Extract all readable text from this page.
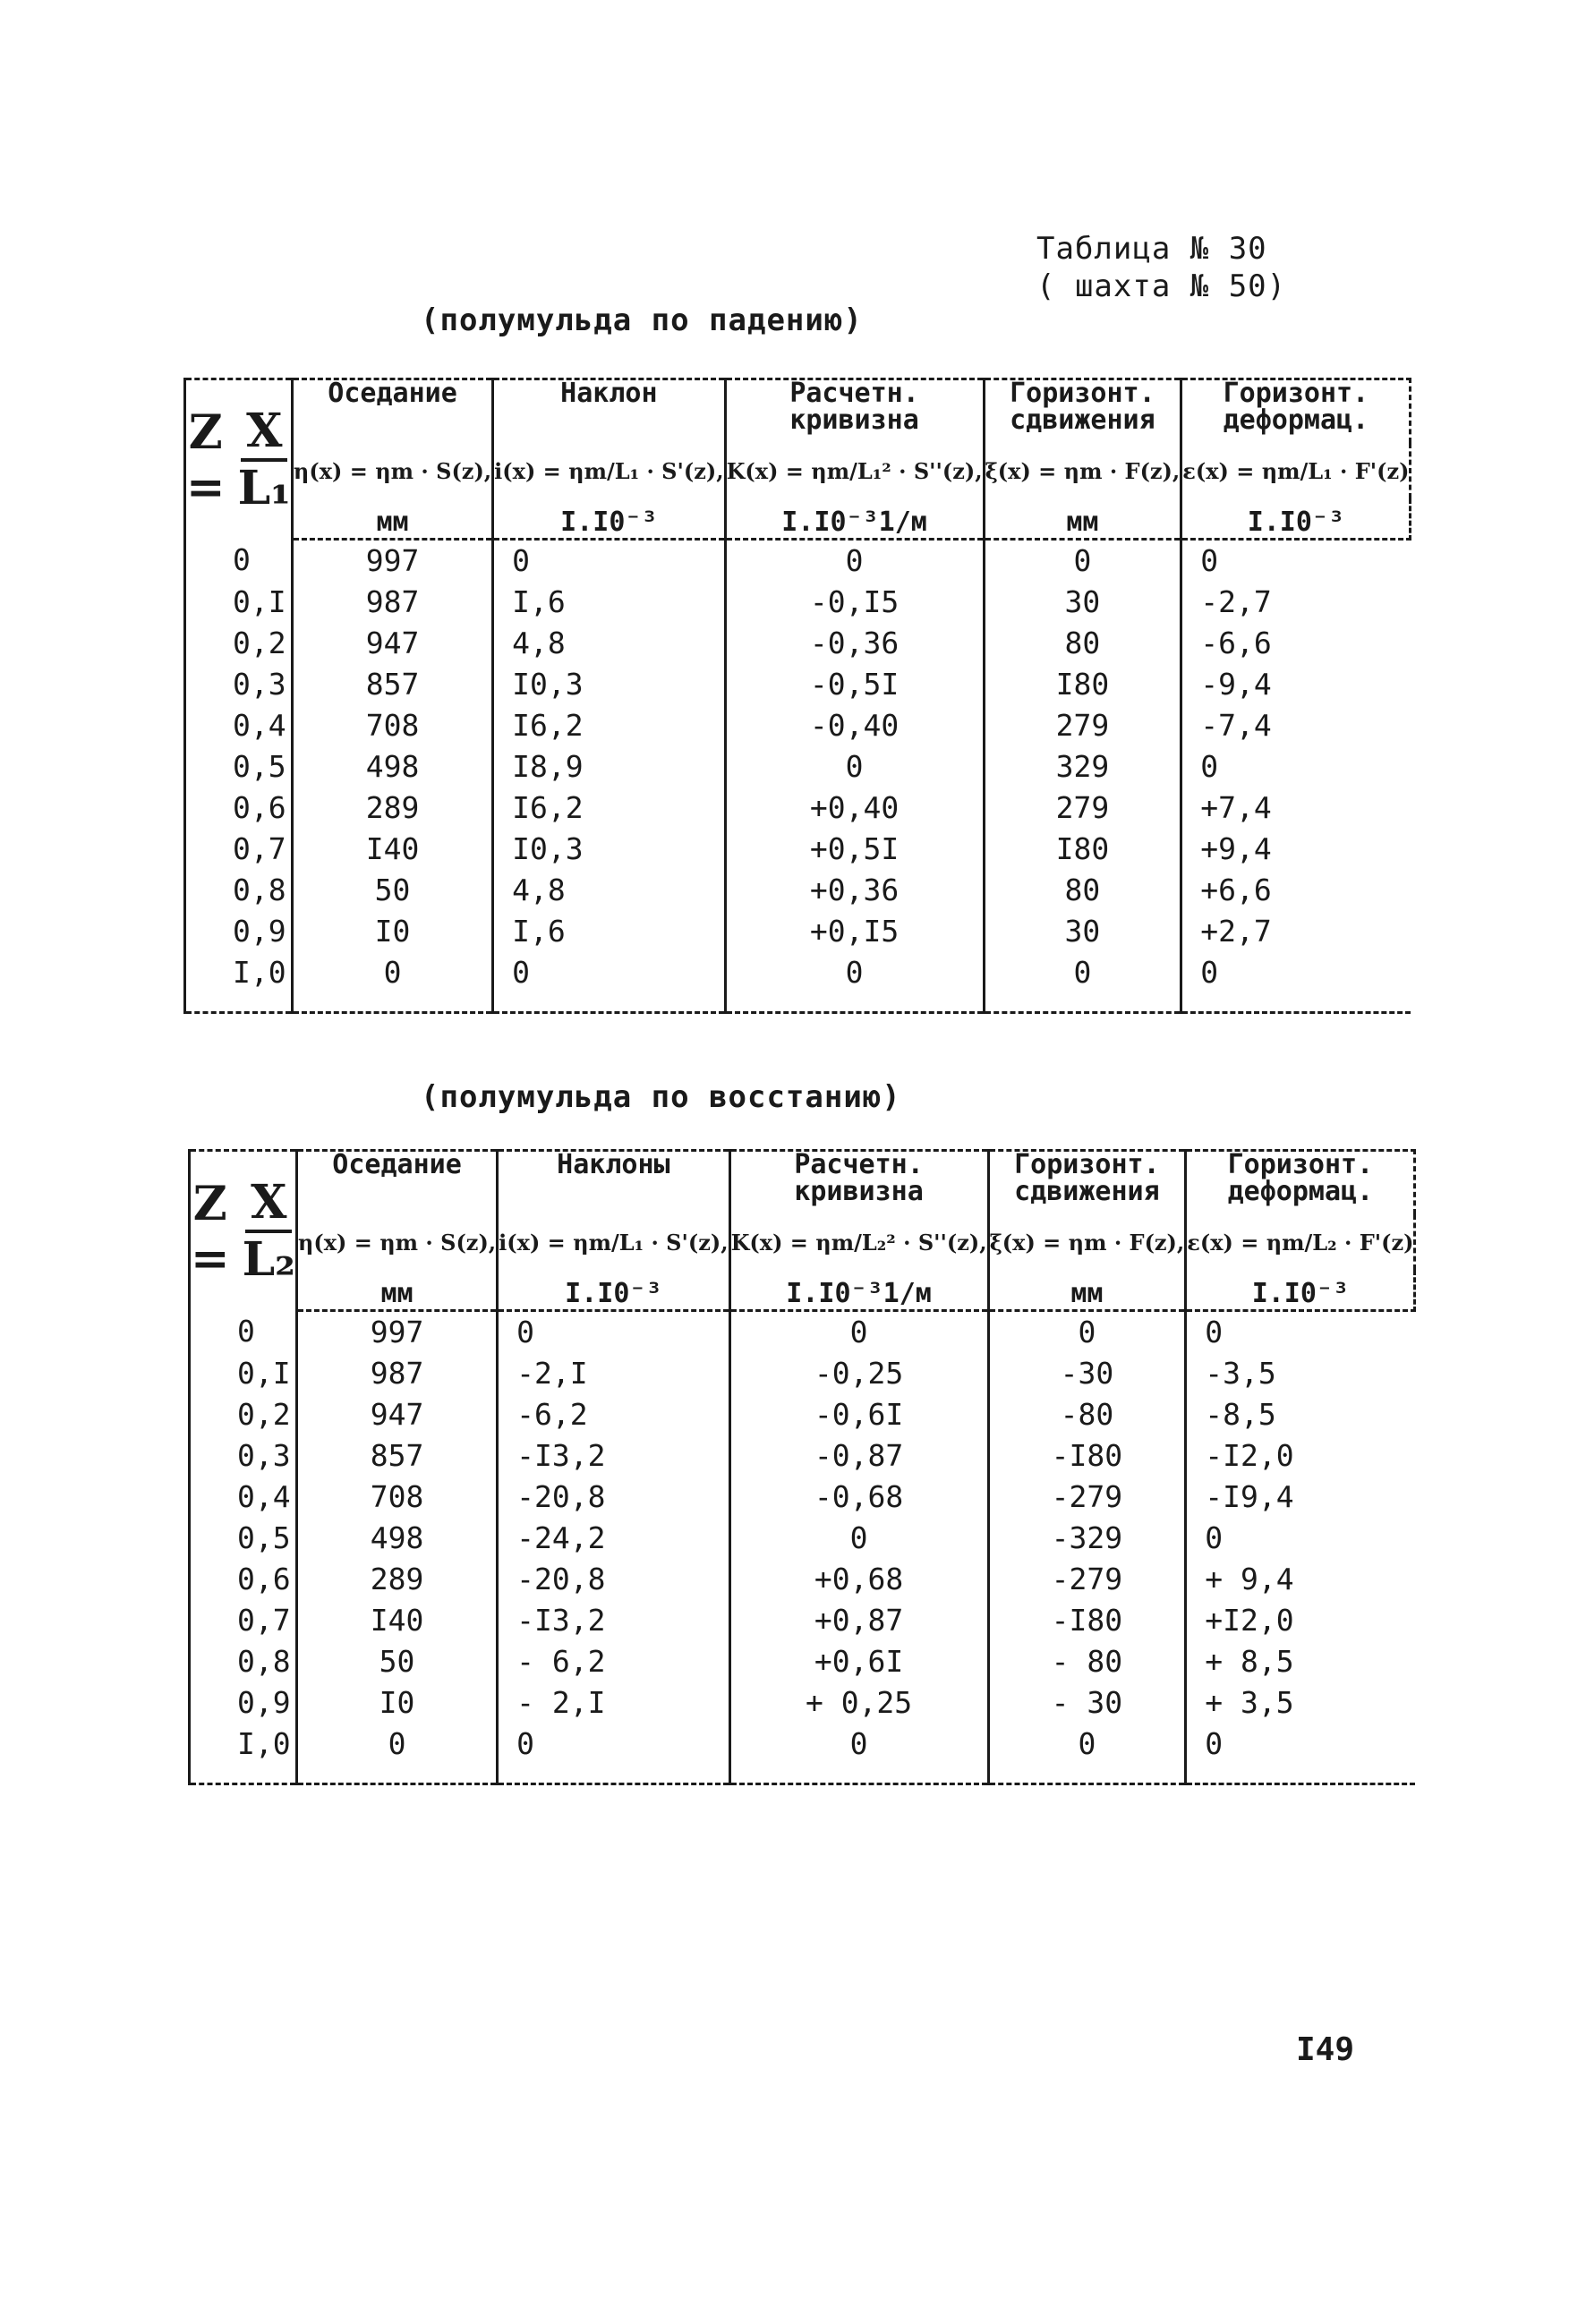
Таблица № 30
( шахта № 50)
(полумульда по падению)
$Z = \frac{X}{\text{L₁}}$	Оседание	Наклон	Расчетн. кривизна	Горизонт. сдвижения	Горизонт. деформац.
	η(x) = ηm · S(z),	i(x) = ηm/L₁ · S'(z),	K(x) = ηm/L₁² · S''(z),	ξ(x) = ηm · F(z),	ε(x) = ηm/L₁ · F'(z)
	мм	I.I0⁻³	I.I0⁻³1/м	мм	I.I0⁻³
0	997	0	0	0	0
0,I	987	I,6	-0,I5	30	-2,7
0,2	947	4,8	-0,36	80	-6,6
0,3	857	I0,3	-0,5I	I80	-9,4
0,4	708	I6,2	-0,40	279	-7,4
0,5	498	I8,9	0	329	0
0,6	289	I6,2	+0,40	279	+7,4
0,7	I40	I0,3	+0,5I	I80	+9,4
0,8	50	4,8	+0,36	80	+6,6
0,9	I0	I,6	+0,I5	30	+2,7
I,0	0	0	0	0	0

(полумульда по восстанию)
$Z = \frac{X}{\text{L₂}}$	Оседание	Наклоны	Расчетн. кривизна	Горизонт. сдвижения	Горизонт. деформац.
	η(x) = ηm · S(z),	i(x) = ηm/L₁ · S'(z),	K(x) = ηm/L₂² · S''(z),	ξ(x) = ηm · F(z),	ε(x) = ηm/L₂ · F'(z)
	мм	I.I0⁻³	I.I0⁻³1/м	мм	I.I0⁻³
0	997	0	0	0	0
0,I	987	-2,I	-0,25	-30	-3,5
0,2	947	-6,2	-0,6I	-80	-8,5
0,3	857	-I3,2	-0,87	-I80	-I2,0
0,4	708	-20,8	-0,68	-279	-I9,4
0,5	498	-24,2	0	-329	0
0,6	289	-20,8	+0,68	-279	+ 9,4
0,7	I40	-I3,2	+0,87	-I80	+I2,0
0,8	50	- 6,2	+0,6I	- 80	+ 8,5
0,9	I0	- 2,I	+ 0,25	- 30	+ 3,5
I,0	0	0	0	0	0

I49
